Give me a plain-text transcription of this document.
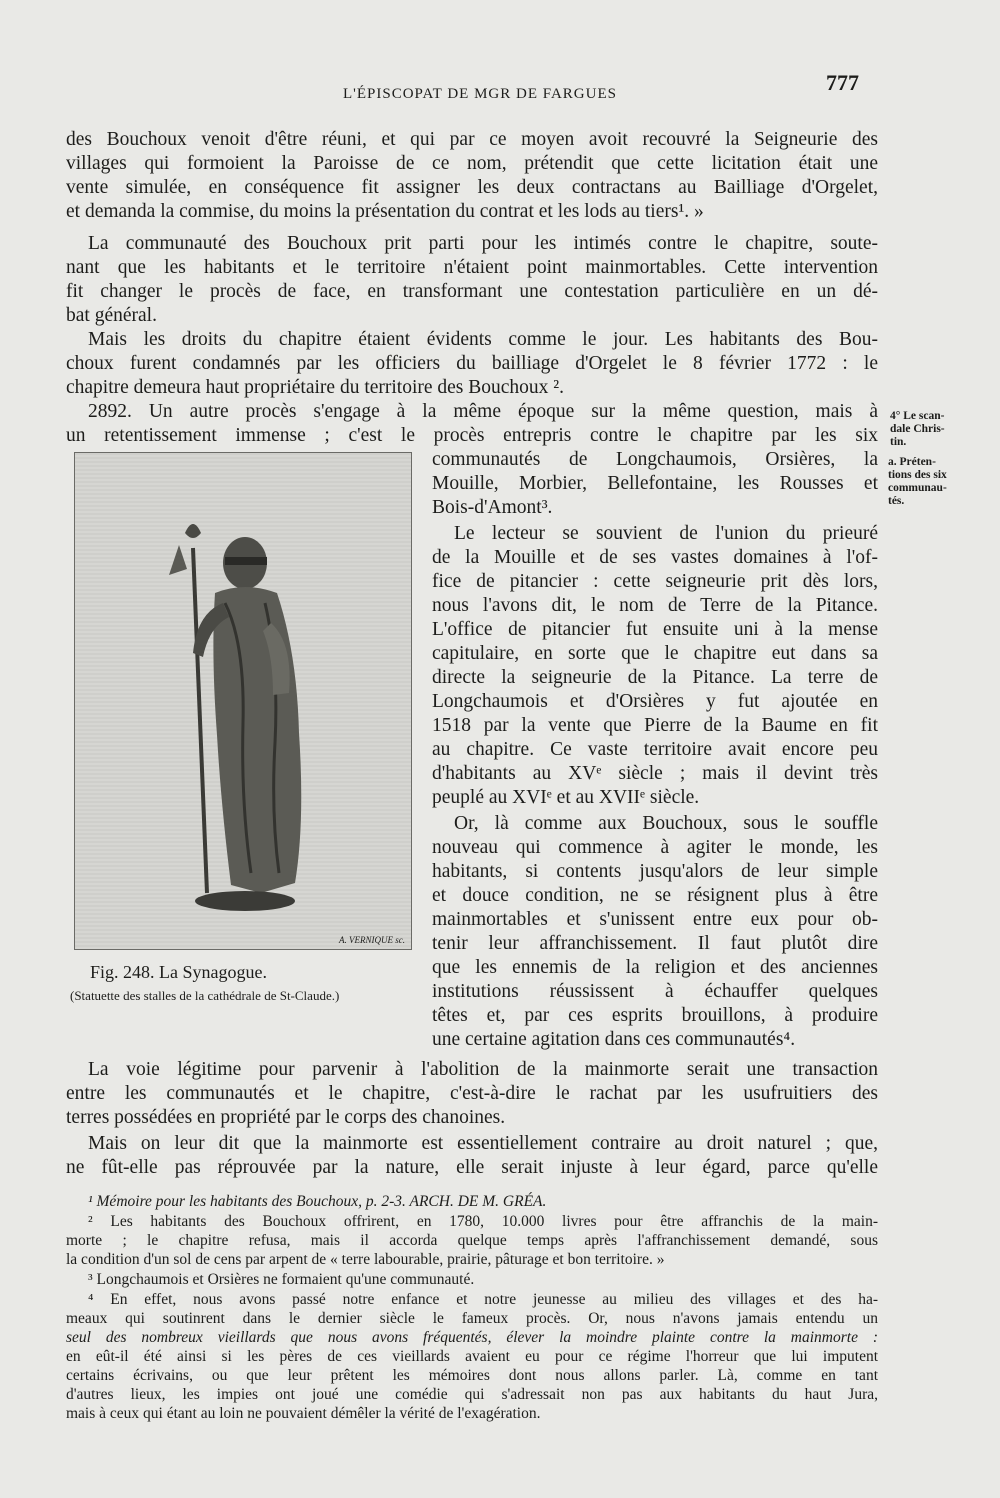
L'ÉPISCOPAT DE MGR DE FARGUES	777

des Bouchoux venoit d'être réuni, et qui par ce moyen avoit recouvré la Seigneurie des

villages qui formoient la Paroisse de ce nom, prétendit que cette licitation était une

vente simulée, en conséquence fit assigner les deux contractans au Bailliage d'Orgelet,

et demanda la commise, du moins la présentation du contrat et les lods au tiers¹. »

La communauté des Bouchoux prit parti pour les intimés contre le chapitre, soute-

nant que les habitants et le territoire n'étaient point mainmortables. Cette intervention

fit changer le procès de face, en transformant une contestation particulière en un dé-

bat général.

Mais les droits du chapitre étaient évidents comme le jour. Les habitants des Bou-

choux furent condamnés par les officiers du bailliage d'Orgelet le 8 février 1772 : le

chapitre demeura haut propriétaire du territoire des Bouchoux ².

2892. Un autre procès s'engage à la même époque sur la même question, mais à

un retentissement immense ; c'est le procès entrepris contre le chapitre par les six

4° Le scan-
dale Chris-
tin.
a. Préten-
tions des six
communau-
tés.
A. VERNIQUE sc.
Fig. 248. La Synagogue.
(Statuette des stalles de la cathédrale de St-Claude.)

communautés de Longchaumois, Orsières, la

Mouille, Morbier, Bellefontaine, les Rousses et

Bois-d'Amont³.

Le lecteur se souvient de l'union du prieuré

de la Mouille et de ses vastes domaines à l'of-

fice de pitancier : cette seigneurie prit dès lors,

nous l'avons dit, le nom de Terre de la Pitance.

L'office de pitancier fut ensuite uni à la mense

capitulaire, en sorte que le chapitre eut dans sa

directe la seigneurie de la Pitance. La terre de

Longchaumois et d'Orsières y fut ajoutée en

1518 par la vente que Pierre de la Baume en fit

au chapitre. Ce vaste territoire avait encore peu

d'habitants au XVᵉ siècle ; mais il devint très

peuplé au XVIᵉ et au XVIIᵉ siècle.

Or, là comme aux Bouchoux, sous le souffle

nouveau qui commence à agiter le monde, les

habitants, si contents jusqu'alors de leur simple

et douce condition, ne se résignent plus à être

mainmortables et s'unissent entre eux pour ob-

tenir leur affranchissement. Il faut plutôt dire

que les ennemis de la religion et des anciennes

institutions réussissent à échauffer quelques

têtes et, par ces esprits brouillons, à produire

une certaine agitation dans ces communautés⁴.

La voie légitime pour parvenir à l'abolition de la mainmorte serait une transaction

entre les communautés et le chapitre, c'est-à-dire le rachat par les usufruitiers des

terres possédées en propriété par le corps des chanoines.

Mais on leur dit que la mainmorte est essentiellement contraire au droit naturel ; que,

ne fût-elle pas réprouvée par la nature, elle serait injuste à leur égard, parce qu'elle

¹ Mémoire pour les habitants des Bouchoux, p. 2-3. ARCH. DE M. GRÉA.

² Les habitants des Bouchoux offrirent, en 1780, 10.000 livres pour être affranchis de la main-

morte ; le chapitre refusa, mais il accorda quelque temps après l'affranchissement demandé, sous

la condition d'un sol de cens par arpent de « terre labourable, prairie, pâturage et bon territoire. »

³ Longchaumois et Orsières ne formaient qu'une communauté.

⁴ En effet, nous avons passé notre enfance et notre jeunesse au milieu des villages et des ha-

meaux qui soutinrent dans le dernier siècle le fameux procès. Or, nous n'avons jamais entendu un

seul des nombreux vieillards que nous avons fréquentés, élever la moindre plainte contre la mainmorte :

en eût-il été ainsi si les pères de ces vieillards avaient eu pour ce régime l'horreur que lui imputent

certains écrivains, ou que leur prêtent les mémoires dont nous allons parler. Là, comme en tant

d'autres lieux, les impies ont joué une comédie qui s'adressait non pas aux habitants du haut Jura,

mais à ceux qui étant au loin ne pouvaient démêler la vérité de l'exagération.
